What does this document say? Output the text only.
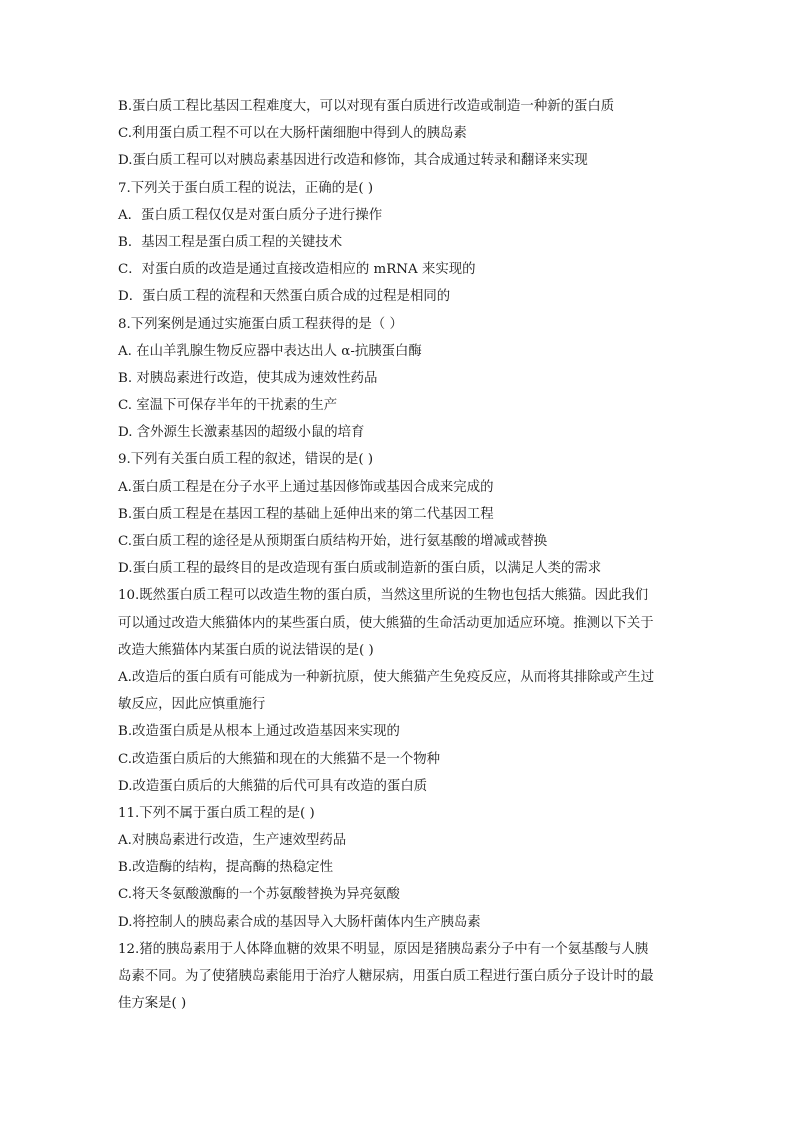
B.蛋白质工程比基因工程难度大，可以对现有蛋白质进行改造或制造一种新的蛋白质
C.利用蛋白质工程不可以在大肠杆菌细胞中得到人的胰岛素
D.蛋白质工程可以对胰岛素基因进行改造和修饰，其合成通过转录和翻译来实现
7.下列关于蛋白质工程的说法，正确的是( )
A．蛋白质工程仅仅是对蛋白质分子进行操作
B．基因工程是蛋白质工程的关键技术
C．对蛋白质的改造是通过直接改造相应的 mRNA 来实现的
D．蛋白质工程的流程和天然蛋白质合成的过程是相同的
8.下列案例是通过实施蛋白质工程获得的是（ ）
A. 在山羊乳腺生物反应器中表达出人 α-抗胰蛋白酶
B. 对胰岛素进行改造，使其成为速效性药品
C. 室温下可保存半年的干扰素的生产
D. 含外源生长激素基因的超级小鼠的培育
9.下列有关蛋白质工程的叙述，错误的是( )
A.蛋白质工程是在分子水平上通过基因修饰或基因合成来完成的
B.蛋白质工程是在基因工程的基础上延伸出来的第二代基因工程
C.蛋白质工程的途径是从预期蛋白质结构开始，进行氨基酸的增减或替换
D.蛋白质工程的最终目的是改造现有蛋白质或制造新的蛋白质，以满足人类的需求
10.既然蛋白质工程可以改造生物的蛋白质，当然这里所说的生物也包括大熊猫。因此我们
可以通过改造大熊猫体内的某些蛋白质，使大熊猫的生命活动更加适应环境。推测以下关于
改造大熊猫体内某蛋白质的说法错误的是( )
A.改造后的蛋白质有可能成为一种新抗原，使大熊猫产生免疫反应，从而将其排除或产生过
敏反应，因此应慎重施行
B.改造蛋白质是从根本上通过改造基因来实现的
C.改造蛋白质后的大熊猫和现在的大熊猫不是一个物种
D.改造蛋白质后的大熊猫的后代可具有改造的蛋白质
11.下列不属于蛋白质工程的是( )
A.对胰岛素进行改造，生产速效型药品
B.改造酶的结构，提高酶的热稳定性
C.将天冬氨酸激酶的一个苏氨酸替换为异亮氨酸
D.将控制人的胰岛素合成的基因导入大肠杆菌体内生产胰岛素
12.猪的胰岛素用于人体降血糖的效果不明显，原因是猪胰岛素分子中有一个氨基酸与人胰
岛素不同。为了使猪胰岛素能用于治疗人糖尿病，用蛋白质工程进行蛋白质分子设计时的最
佳方案是( )
